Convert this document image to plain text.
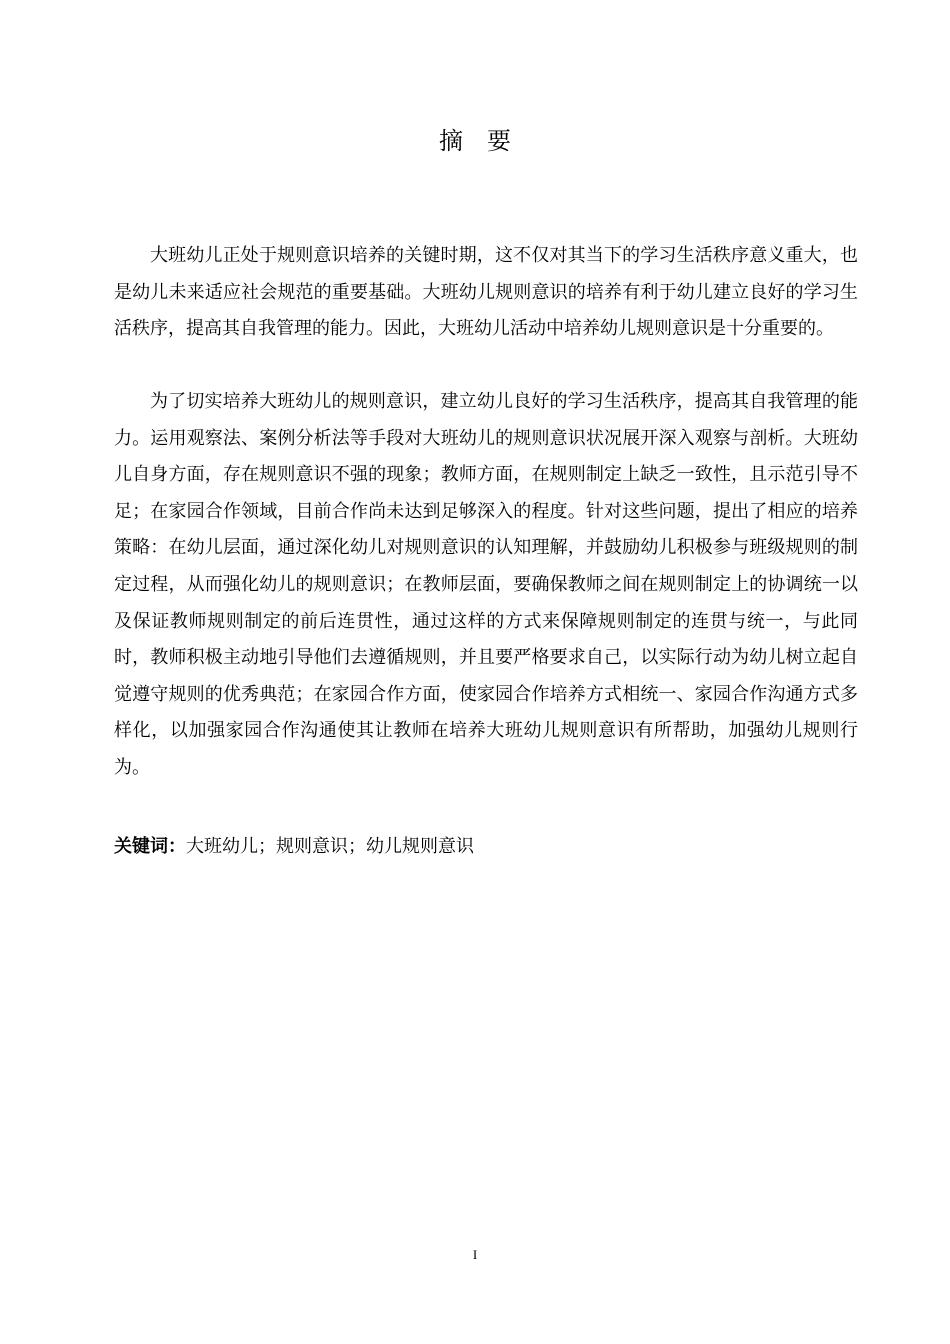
摘 要
大班幼儿正处于规则意识培养的关键时期，这不仅对其当下的学习生活秩序意义重大，也是幼儿未来适应社会规范的重要基础。大班幼儿规则意识的培养有利于幼儿建立良好的学习生活秩序，提高其自我管理的能力。因此，大班幼儿活动中培养幼儿规则意识是十分重要的。
为了切实培养大班幼儿的规则意识，建立幼儿良好的学习生活秩序，提高其自我管理的能力。运用观察法、案例分析法等手段对大班幼儿的规则意识状况展开深入观察与剖析。大班幼儿自身方面，存在规则意识不强的现象；教师方面，在规则制定上缺乏一致性，且示范引导不足；在家园合作领域，目前合作尚未达到足够深入的程度。针对这些问题，提出了相应的培养策略：在幼儿层面，通过深化幼儿对规则意识的认知理解，并鼓励幼儿积极参与班级规则的制定过程，从而强化幼儿的规则意识；在教师层面，要确保教师之间在规则制定上的协调统一以及保证教师规则制定的前后连贯性，通过这样的方式来保障规则制定的连贯与统一，与此同时，教师积极主动地引导他们去遵循规则，并且要严格要求自己，以实际行动为幼儿树立起自觉遵守规则的优秀典范；在家园合作方面，使家园合作培养方式相统一、家园合作沟通方式多样化，以加强家园合作沟通使其让教师在培养大班幼儿规则意识有所帮助，加强幼儿规则行为。
关键词：大班幼儿；规则意识；幼儿规则意识
I
